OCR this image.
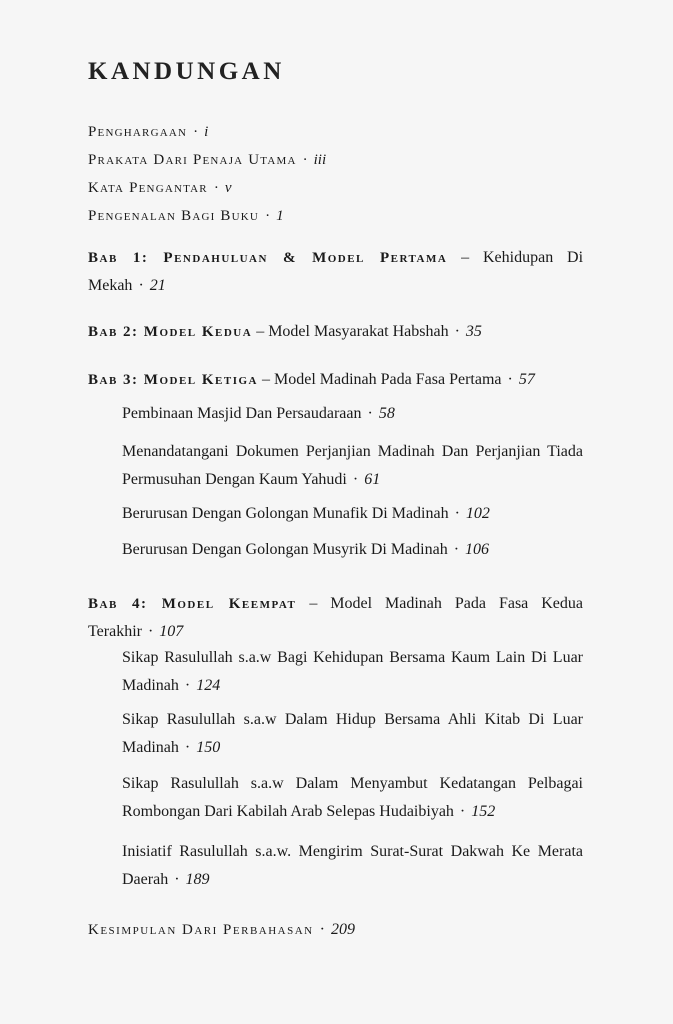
KANDUNGAN
Penghargaan · i
Prakata Dari Penaja Utama · iii
Kata Pengantar · v
Pengenalan Bagi Buku · 1
Bab 1: Pendahuluan & Model Pertama – Kehidupan Di Mekah · 21
Bab 2: Model Kedua – Model Masyarakat Habshah · 35
Bab 3: Model Ketiga – Model Madinah Pada Fasa Pertama · 57
Pembinaan Masjid Dan Persaudaraan · 58
Menandatangani Dokumen Perjanjian Madinah Dan Perjanjian Tiada Permusuhan Dengan Kaum Yahudi · 61
Berurusan Dengan Golongan Munafik Di Madinah · 102
Berurusan Dengan Golongan Musyrik Di Madinah · 106
Bab 4: Model Keempat – Model Madinah Pada Fasa Kedua Terakhir · 107
Sikap Rasulullah s.a.w Bagi Kehidupan Bersama Kaum Lain Di Luar Madinah · 124
Sikap Rasulullah s.a.w Dalam Hidup Bersama Ahli Kitab Di Luar Madinah · 150
Sikap Rasulullah s.a.w Dalam Menyambut Kedatangan Pelbagai Rombongan Dari Kabilah Arab Selepas Hudaibiyah · 152
Inisiatif Rasulullah s.a.w. Mengirim Surat-Surat Dakwah Ke Merata Daerah · 189
Kesimpulan Dari Perbahasan · 209
